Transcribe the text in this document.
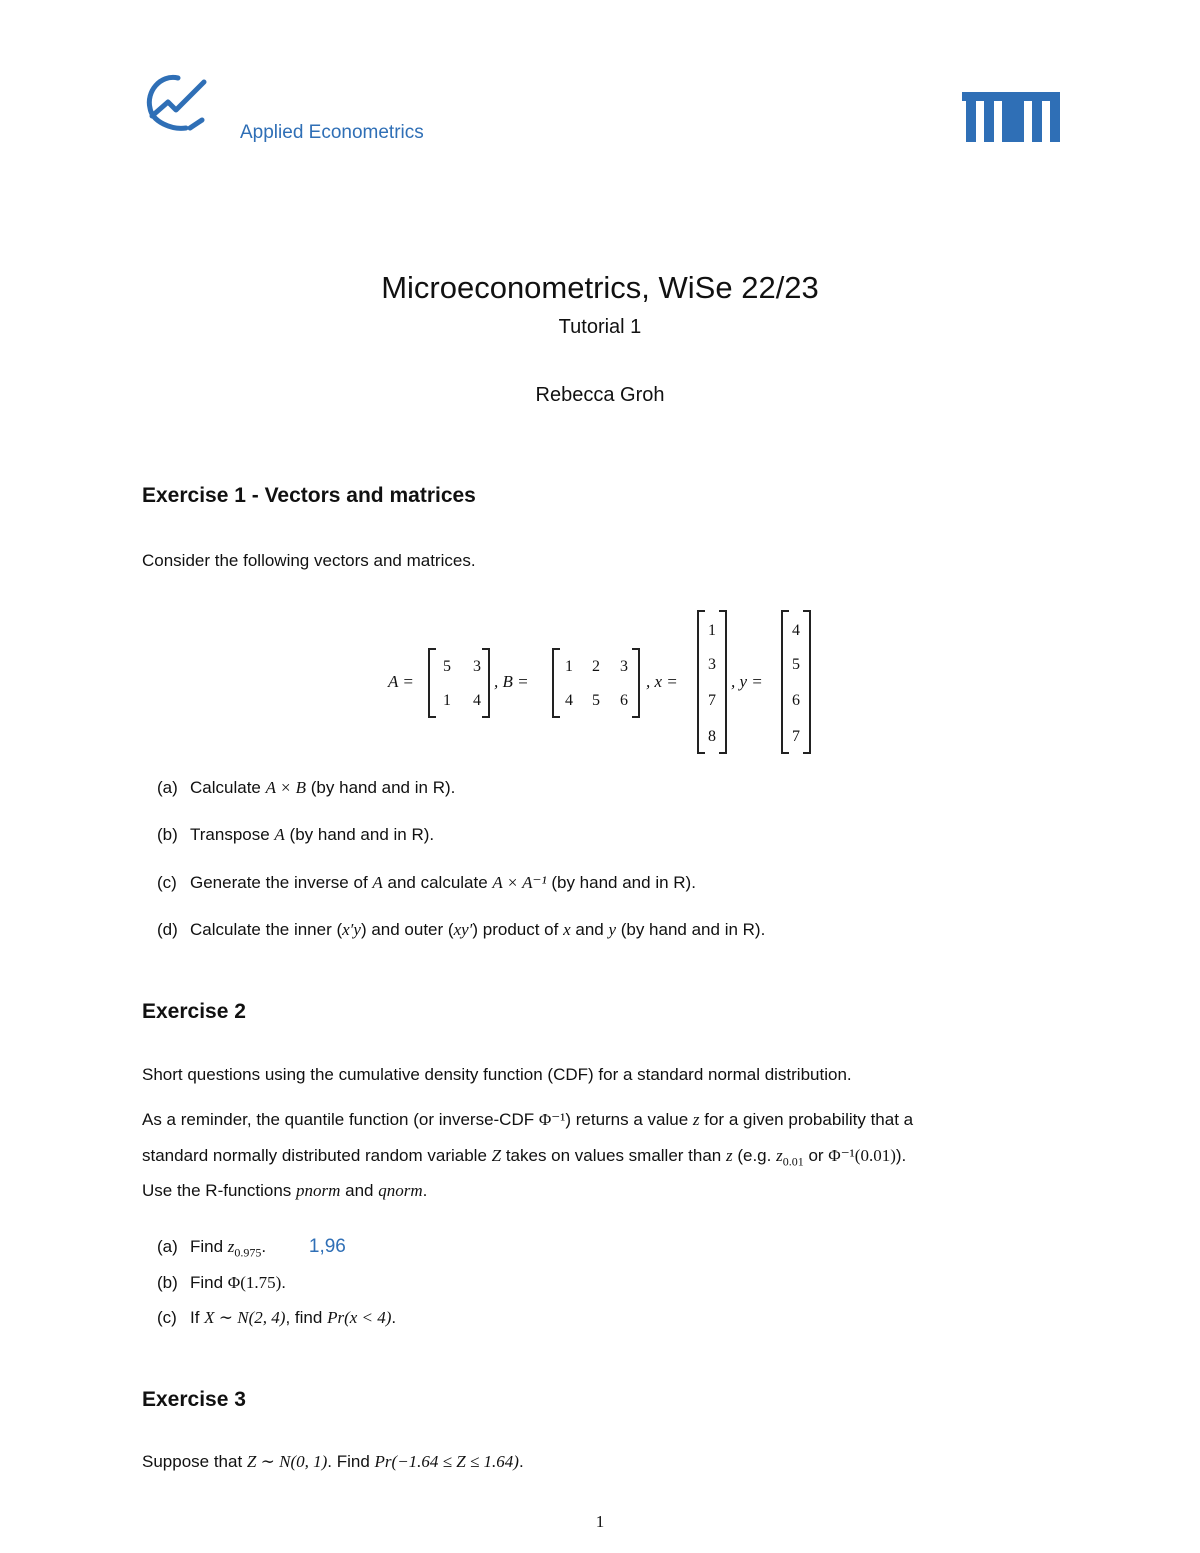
Applied Econometrics
Microeconometrics, WiSe 22/23
Tutorial 1
Rebecca Groh
Exercise 1 - Vectors and matrices
Consider the following vectors and matrices.
A =
5	3
1	4
, B =
1	2	3
4	5	6
, x =
1
3
7
8
, y =
4
5
6
7
(a) Calculate A × B (by hand and in R).
(b) Transpose A (by hand and in R).
(c) Generate the inverse of A and calculate A × A⁻¹ (by hand and in R).
(d) Calculate the inner (x′y) and outer (xy′) product of x and y (by hand and in R).
Exercise 2
Short questions using the cumulative density function (CDF) for a standard normal distribution.
As a reminder, the quantile function (or inverse-CDF Φ⁻¹) returns a value z for a given probability that a
standard normally distributed random variable Z takes on values smaller than z (e.g. $z_{0.01}$ or Φ⁻¹(0.01)).
Use the R-functions pnorm and qnorm.
(a) Find $z_{0.975}$. 1,96
(b) Find Φ(1.75).
(c) If X ∼ N(2, 4), find Pr(x < 4).
Exercise 3
Suppose that Z ∼ N(0, 1). Find Pr(−1.64 ≤ Z ≤ 1.64).
1
